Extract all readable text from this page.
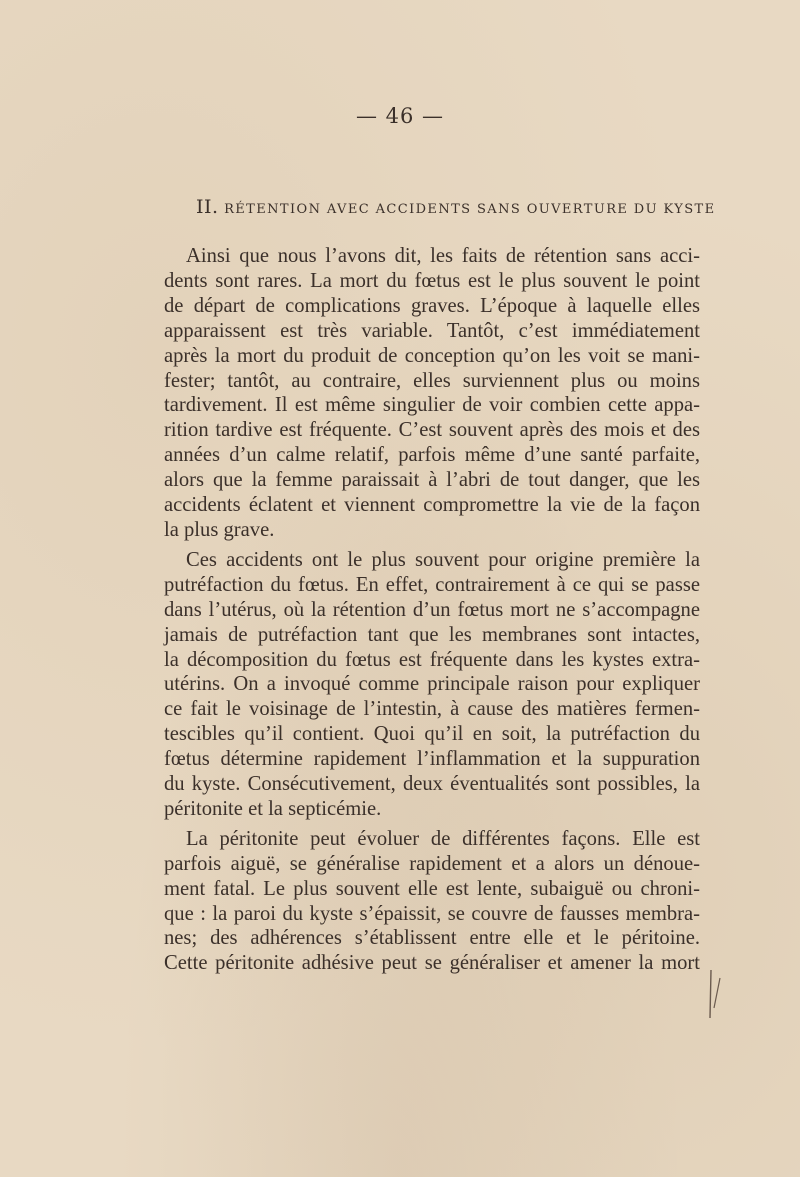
— 46 —
II. RÉTENTION AVEC ACCIDENTS SANS OUVERTURE DU KYSTE
Ainsi que nous l’avons dit, les faits de rétention sans acci-
dents sont rares. La mort du fœtus est le plus souvent le point
de départ de complications graves. L’époque à laquelle elles
apparaissent est très variable. Tantôt, c’est immédiatement
après la mort du produit de conception qu’on les voit se mani-
fester; tantôt, au contraire, elles surviennent plus ou moins
tardivement. Il est même singulier de voir combien cette appa-
rition tardive est fréquente. C’est souvent après des mois et des
années d’un calme relatif, parfois même d’une santé parfaite,
alors que la femme paraissait à l’abri de tout danger, que les
accidents éclatent et viennent compromettre la vie de la façon
la plus grave.
Ces accidents ont le plus souvent pour origine première la
putréfaction du fœtus. En effet, contrairement à ce qui se passe
dans l’utérus, où la rétention d’un fœtus mort ne s’accompagne
jamais de putréfaction tant que les membranes sont intactes,
la décomposition du fœtus est fréquente dans les kystes extra-
utérins. On a invoqué comme principale raison pour expliquer
ce fait le voisinage de l’intestin, à cause des matières fermen-
tescibles qu’il contient. Quoi qu’il en soit, la putréfaction du
fœtus détermine rapidement l’inflammation et la suppuration
du kyste. Consécutivement, deux éventualités sont possibles, la
péritonite et la septicémie.
La péritonite peut évoluer de différentes façons. Elle est
parfois aiguë, se généralise rapidement et a alors un dénoue-
ment fatal. Le plus souvent elle est lente, subaiguë ou chroni-
que : la paroi du kyste s’épaissit, se couvre de fausses membra-
nes; des adhérences s’établissent entre elle et le péritoine.
Cette péritonite adhésive peut se généraliser et amener la mort
